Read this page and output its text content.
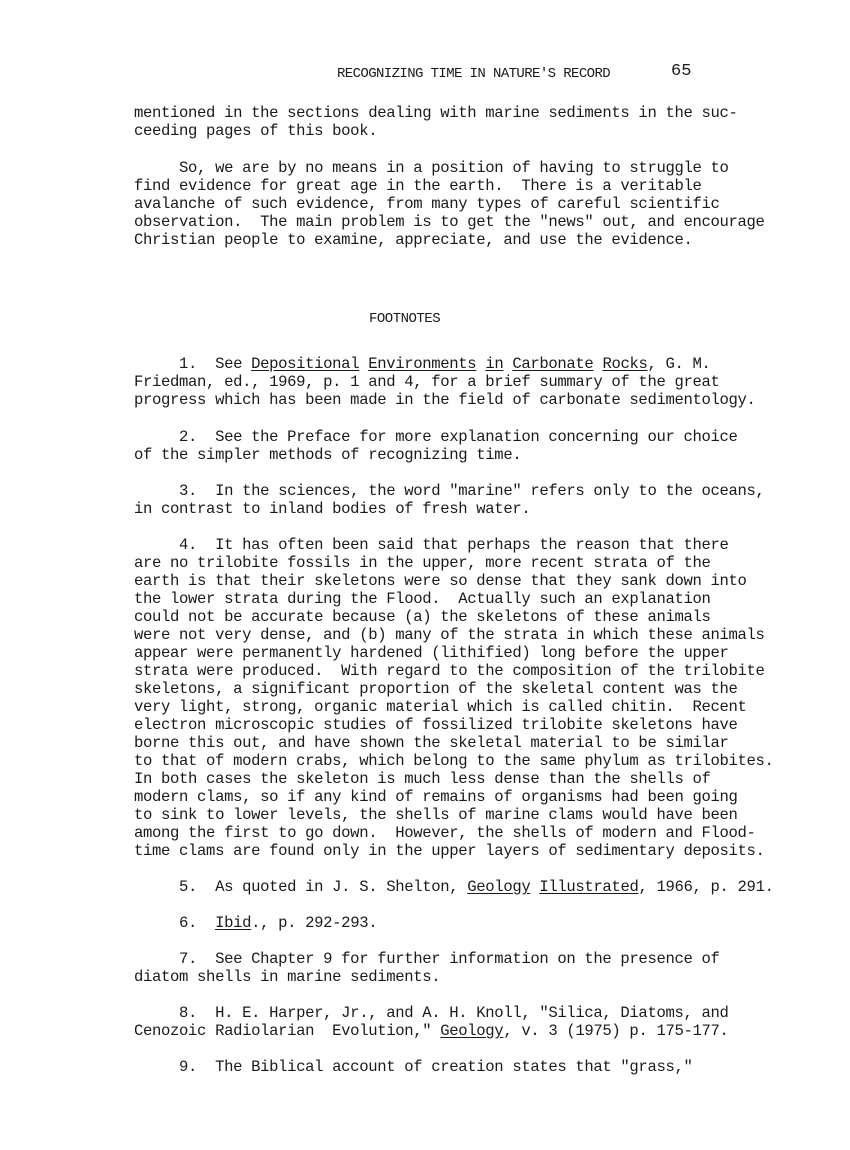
RECOGNIZING TIME IN NATURE'S RECORD	65
mentioned in the sections dealing with marine sediments in the suc-
ceeding pages of this book.
So, we are by no means in a position of having to struggle to
find evidence for great age in the earth.  There is a veritable
avalanche of such evidence, from many types of careful scientific
observation.  The main problem is to get the "news" out, and encourage
Christian people to examine, appreciate, and use the evidence.
FOOTNOTES
1.  See Depositional Environments in Carbonate Rocks, G. M.
Friedman, ed., 1969, p. 1 and 4, for a brief summary of the great
progress which has been made in the field of carbonate sedimentology.
2.  See the Preface for more explanation concerning our choice
of the simpler methods of recognizing time.
3.  In the sciences, the word "marine" refers only to the oceans,
in contrast to inland bodies of fresh water.
4.  It has often been said that perhaps the reason that there
are no trilobite fossils in the upper, more recent strata of the
earth is that their skeletons were so dense that they sank down into
the lower strata during the Flood.  Actually such an explanation
could not be accurate because (a) the skeletons of these animals
were not very dense, and (b) many of the strata in which these animals
appear were permanently hardened (lithified) long before the upper
strata were produced.  With regard to the composition of the trilobite
skeletons, a significant proportion of the skeletal content was the
very light, strong, organic material which is called chitin.  Recent
electron microscopic studies of fossilized trilobite skeletons have
borne this out, and have shown the skeletal material to be similar
to that of modern crabs, which belong to the same phylum as trilobites.
In both cases the skeleton is much less dense than the shells of
modern clams, so if any kind of remains of organisms had been going
to sink to lower levels, the shells of marine clams would have been
among the first to go down.  However, the shells of modern and Flood-
time clams are found only in the upper layers of sedimentary deposits.
5.  As quoted in J. S. Shelton, Geology Illustrated, 1966, p. 291.
6.  Ibid., p. 292-293.
7.  See Chapter 9 for further information on the presence of
diatom shells in marine sediments.
8.  H. E. Harper, Jr., and A. H. Knoll, "Silica, Diatoms, and
Cenozoic Radiolarian  Evolution," Geology, v. 3 (1975) p. 175-177.
9.  The Biblical account of creation states that "grass,"
